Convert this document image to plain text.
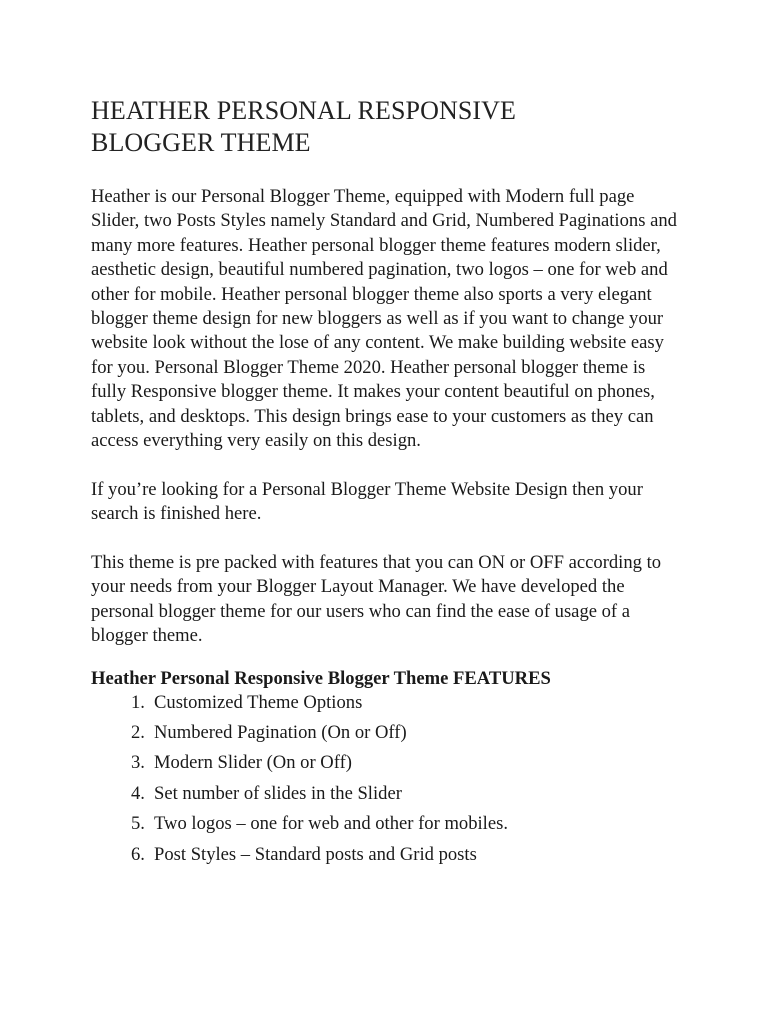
HEATHER PERSONAL RESPONSIVE
BLOGGER THEME

Heather is our Personal Blogger Theme, equipped with Modern full page Slider, two Posts Styles namely Standard and Grid, Numbered Paginations and many more features. Heather personal blogger theme features modern slider, aesthetic design, beautiful numbered pagination, two logos – one for web and other for mobile. Heather personal blogger theme also sports a very elegant blogger theme design for new bloggers as well as if you want to change your website look without the lose of any content. We make building website easy for you. Personal Blogger Theme 2020. Heather personal blogger theme is fully Responsive blogger theme. It makes your content beautiful on phones, tablets, and desktops. This design brings ease to your customers as they can access everything very easily on this design.

If you’re looking for a Personal Blogger Theme Website Design then your search is finished here.

This theme is pre packed with features that you can ON or OFF according to your needs from your Blogger Layout Manager. We have developed the personal blogger theme for our users who can find the ease of usage of a blogger theme.

Heather Personal Responsive Blogger Theme FEATURES

1. Customized Theme Options
2. Numbered Pagination (On or Off)
3. Modern Slider (On or Off)
4. Set number of slides in the Slider
5. Two logos – one for web and other for mobiles.
6. Post Styles – Standard posts and Grid posts
